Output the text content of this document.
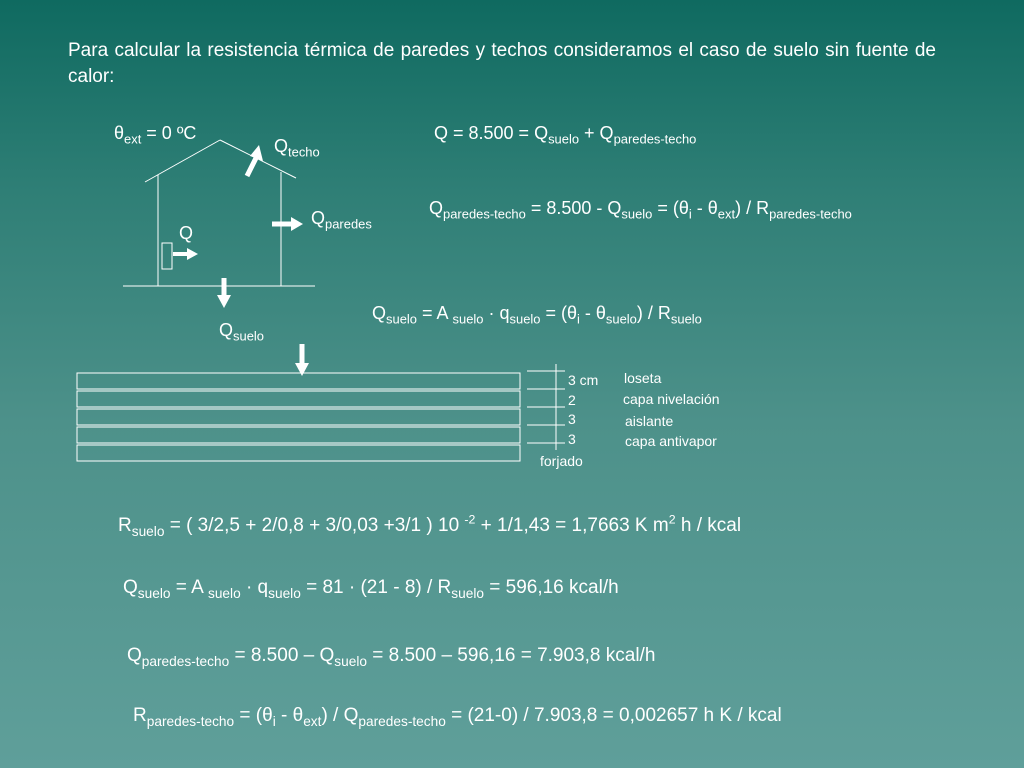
Para calcular la resistencia térmica de paredes y techos consideramos el caso de suelo sin fuente de calor:
$\theta_{ext} = 0$ ºC
$Q_{techo}$
$Q_{paredes}$
Q
$Q_{suelo}$
$Q = 8.500 = Q_{suelo} + Q_{paredes-techo}$
$Q_{paredes-techo} = 8.500 - Q_{suelo} = (\theta_i - \theta_{ext}) / R_{paredes-techo}$
$Q_{suelo} = A$ $_{suelo} \cdot q_{suelo} = (\theta_i - \theta_{suelo}) / R_{suelo}$
3 cm
2
3
3
forjado
loseta
capa nivelación
aislante
capa antivapor
$R_{suelo}$ = ( 3/2,5 + 2/0,8 + 3/0,03 +3/1 ) 10 $^{-2}$ + 1/1,43 = 1,7663 K $m^2$ h / kcal
$Q_{suelo} = A$ $_{suelo} \cdot q_{suelo} = 81 \cdot (21 - 8) / R_{suelo} = 596,16$ kcal/h
$Q_{paredes-techo} = 8.500 - Q_{suelo} = 8.500 - 596,16 = 7.903,8$ kcal/h
$R_{paredes-techo} = (\theta_i - \theta_{ext}) / Q_{paredes-techo} = (21-0) / 7.903,8 = 0,002657$ h K / kcal
